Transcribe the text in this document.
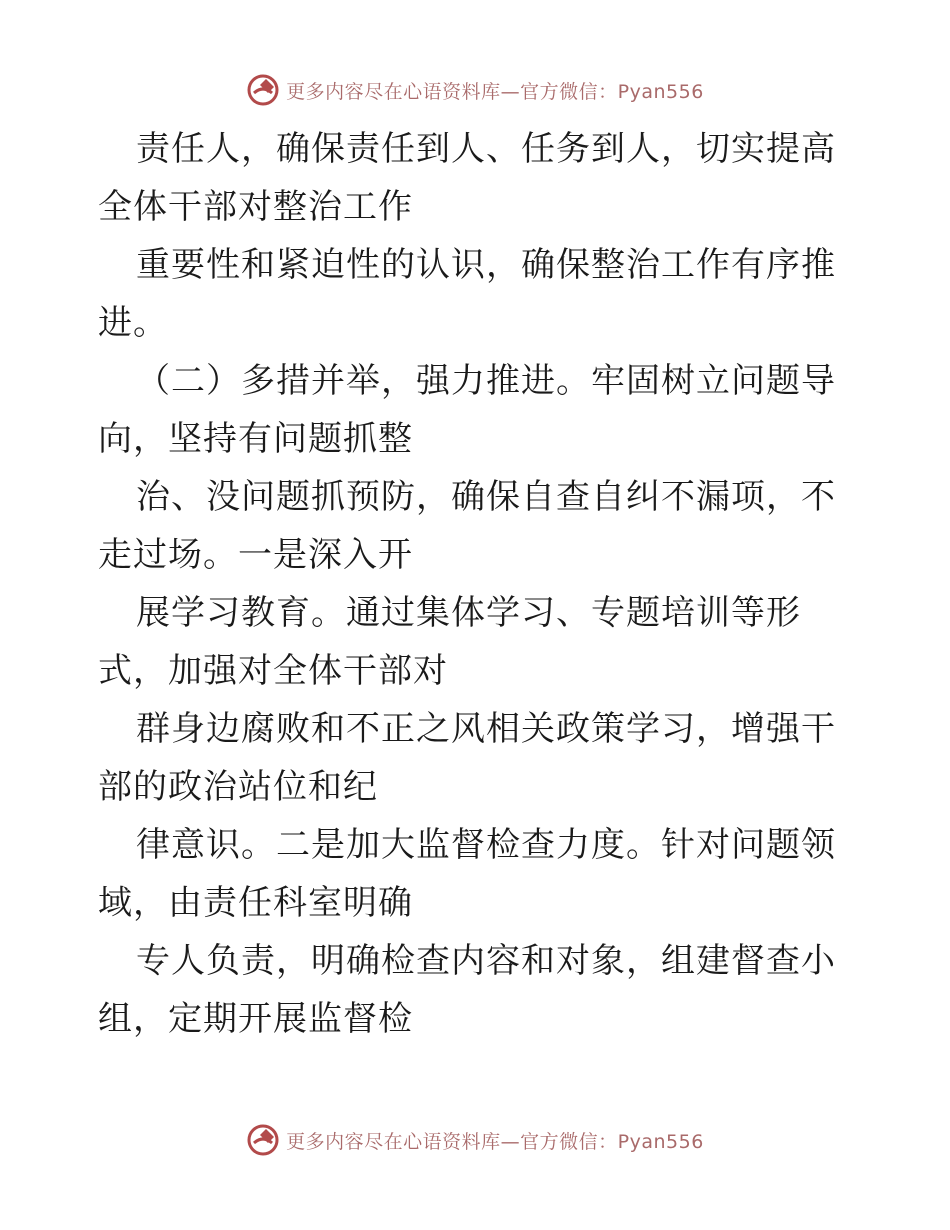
更多内容尽在心语资料库—官方微信：Pyan556

责任人，确保责任到人、任务到人，切实提高全体干部对整治工作

重要性和紧迫性的认识，确保整治工作有序推进。

（二）多措并举，强力推进。牢固树立问题导向，坚持有问题抓整

治、没问题抓预防，确保自查自纠不漏项，不走过场。一是深入开

展学习教育。通过集体学习、专题培训等形式，加强对全体干部对

群身边腐败和不正之风相关政策学习，增强干部的政治站位和纪

律意识。二是加大监督检查力度。针对问题领域，由责任科室明确

专人负责，明确检查内容和对象，组建督查小组，定期开展监督检

更多内容尽在心语资料库—官方微信：Pyan556
